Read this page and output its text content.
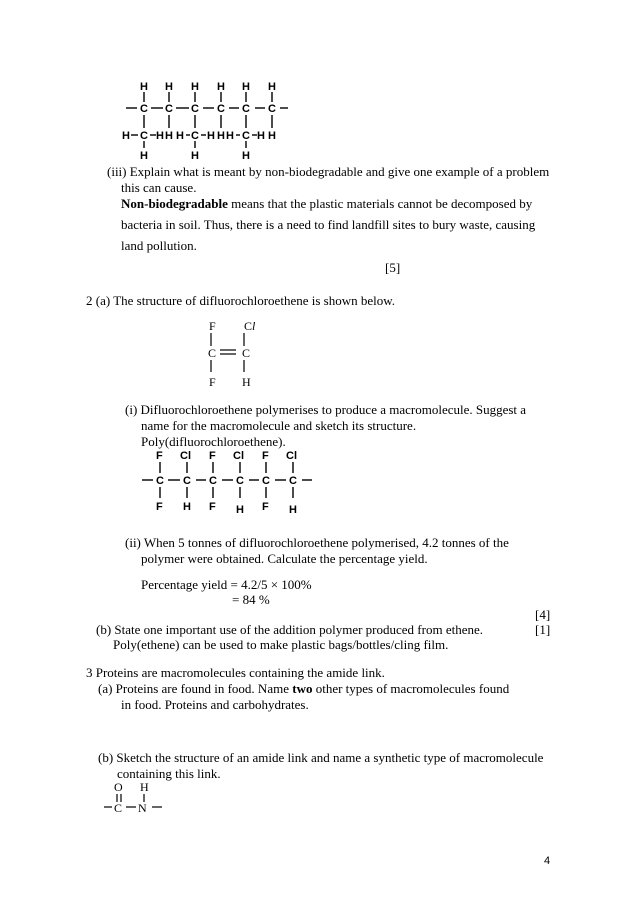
H H H H H H
C C C C C C
H C H H H C H H H C H H
H	H	H
(iii) Explain what is meant by non-biodegradable and give one example of a problem
this can cause.
Non-biodegradable means that the plastic materials cannot be decomposed by
bacteria in soil. Thus, there is a need to find landfill sites to bury waste, causing
land pollution.
[5]
2 (a) The structure of difluorochloroethene is shown below.
F C l
C C
F H
(i) Difluorochloroethene polymerises to produce a macromolecule. Suggest a
name for the macromolecule and sketch its structure.
Poly(difluorochloroethene).
F Cl F Cl F Cl
C C C C C C
F H F H F H
(ii) When 5 tonnes of difluorochloroethene polymerised, 4.2 tonnes of the
polymer were obtained. Calculate the percentage yield.
Percentage yield = 4.2/5 × 100%
= 84 %
[4]
(b) State one important use of the addition polymer produced from ethene.	[1]
Poly(ethene) can be used to make plastic bags/bottles/cling film.
3 Proteins are macromolecules containing the amide link.
(a) Proteins are found in food. Name two other types of macromolecules found
in food. Proteins and carbohydrates.
(b) Sketch the structure of an amide link and name a synthetic type of macromolecule
containing this link.
O H
C N
4
